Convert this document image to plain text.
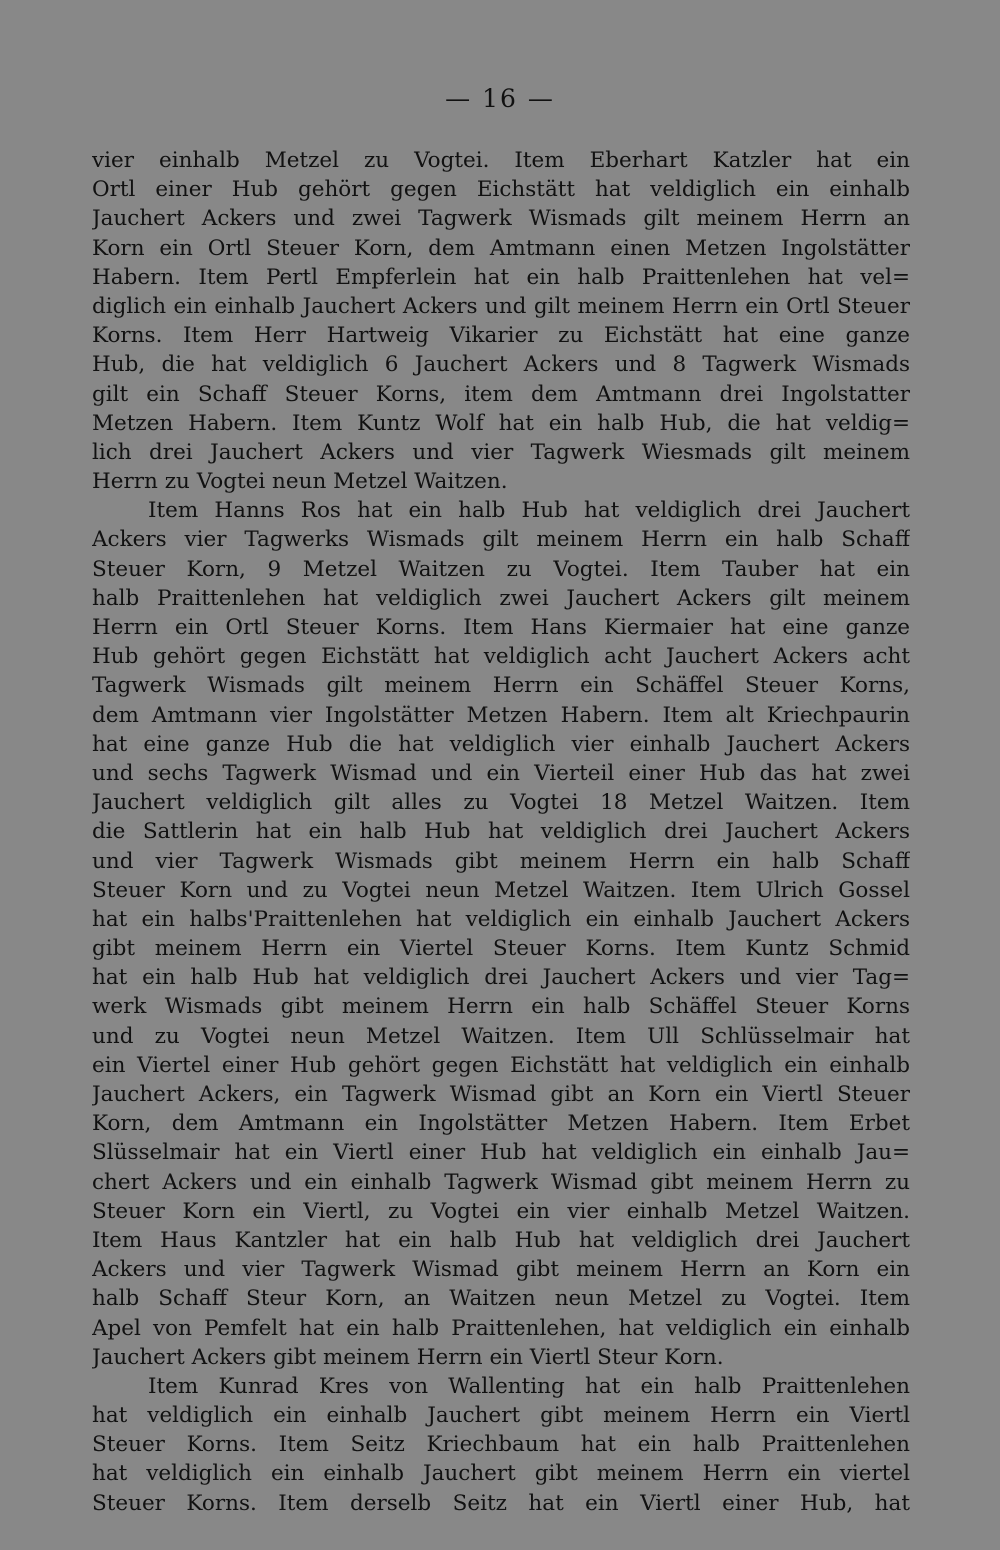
— 16 —
vier einhalb Metzel zu Vogtei. Item Eberhart Katzler hat ein
Ortl einer Hub gehört gegen Eichstätt hat veldiglich ein einhalb
Jauchert Ackers und zwei Tagwerk Wismads gilt meinem Herrn an
Korn ein Ortl Steuer Korn, dem Amtmann einen Metzen Ingolstätter
Habern. Item Pertl Empferlein hat ein halb Praittenlehen hat vel=
diglich ein einhalb Jauchert Ackers und gilt meinem Herrn ein Ortl Steuer
Korns. Item Herr Hartweig Vikarier zu Eichstätt hat eine ganze
Hub, die hat veldiglich 6 Jauchert Ackers und 8 Tagwerk Wismads
gilt ein Schaff Steuer Korns, item dem Amtmann drei Ingolstatter
Metzen Habern. Item Kuntz Wolf hat ein halb Hub, die hat veldig=
lich drei Jauchert Ackers und vier Tagwerk Wiesmads gilt meinem
Herrn zu Vogtei neun Metzel Waitzen.
Item Hanns Ros hat ein halb Hub hat veldiglich drei Jauchert
Ackers vier Tagwerks Wismads gilt meinem Herrn ein halb Schaff
Steuer Korn, 9 Metzel Waitzen zu Vogtei. Item Tauber hat ein
halb Praittenlehen hat veldiglich zwei Jauchert Ackers gilt meinem
Herrn ein Ortl Steuer Korns. Item Hans Kiermaier hat eine ganze
Hub gehört gegen Eichstätt hat veldiglich acht Jauchert Ackers acht
Tagwerk Wismads gilt meinem Herrn ein Schäffel Steuer Korns,
dem Amtmann vier Ingolstätter Metzen Habern. Item alt Kriechpaurin
hat eine ganze Hub die hat veldiglich vier einhalb Jauchert Ackers
und sechs Tagwerk Wismad und ein Vierteil einer Hub das hat zwei
Jauchert veldiglich gilt alles zu Vogtei 18 Metzel Waitzen. Item
die Sattlerin hat ein halb Hub hat veldiglich drei Jauchert Ackers
und vier Tagwerk Wismads gibt meinem Herrn ein halb Schaff
Steuer Korn und zu Vogtei neun Metzel Waitzen. Item Ulrich Gossel
hat ein halbs'Praittenlehen hat veldiglich ein einhalb Jauchert Ackers
gibt meinem Herrn ein Viertel Steuer Korns. Item Kuntz Schmid
hat ein halb Hub hat veldiglich drei Jauchert Ackers und vier Tag=
werk Wismads gibt meinem Herrn ein halb Schäffel Steuer Korns
und zu Vogtei neun Metzel Waitzen. Item Ull Schlüsselmair hat
ein Viertel einer Hub gehört gegen Eichstätt hat veldiglich ein einhalb
Jauchert Ackers, ein Tagwerk Wismad gibt an Korn ein Viertl Steuer
Korn, dem Amtmann ein Ingolstätter Metzen Habern. Item Erbet
Slüsselmair hat ein Viertl einer Hub hat veldiglich ein einhalb Jau=
chert Ackers und ein einhalb Tagwerk Wismad gibt meinem Herrn zu
Steuer Korn ein Viertl, zu Vogtei ein vier einhalb Metzel Waitzen.
Item Haus Kantzler hat ein halb Hub hat veldiglich drei Jauchert
Ackers und vier Tagwerk Wismad gibt meinem Herrn an Korn ein
halb Schaff Steur Korn, an Waitzen neun Metzel zu Vogtei. Item
Apel von Pemfelt hat ein halb Praittenlehen, hat veldiglich ein einhalb
Jauchert Ackers gibt meinem Herrn ein Viertl Steur Korn.
Item Kunrad Kres von Wallenting hat ein halb Praittenlehen
hat veldiglich ein einhalb Jauchert gibt meinem Herrn ein Viertl
Steuer Korns. Item Seitz Kriechbaum hat ein halb Praittenlehen
hat veldiglich ein einhalb Jauchert gibt meinem Herrn ein viertel
Steuer Korns. Item derselb Seitz hat ein Viertl einer Hub, hat
